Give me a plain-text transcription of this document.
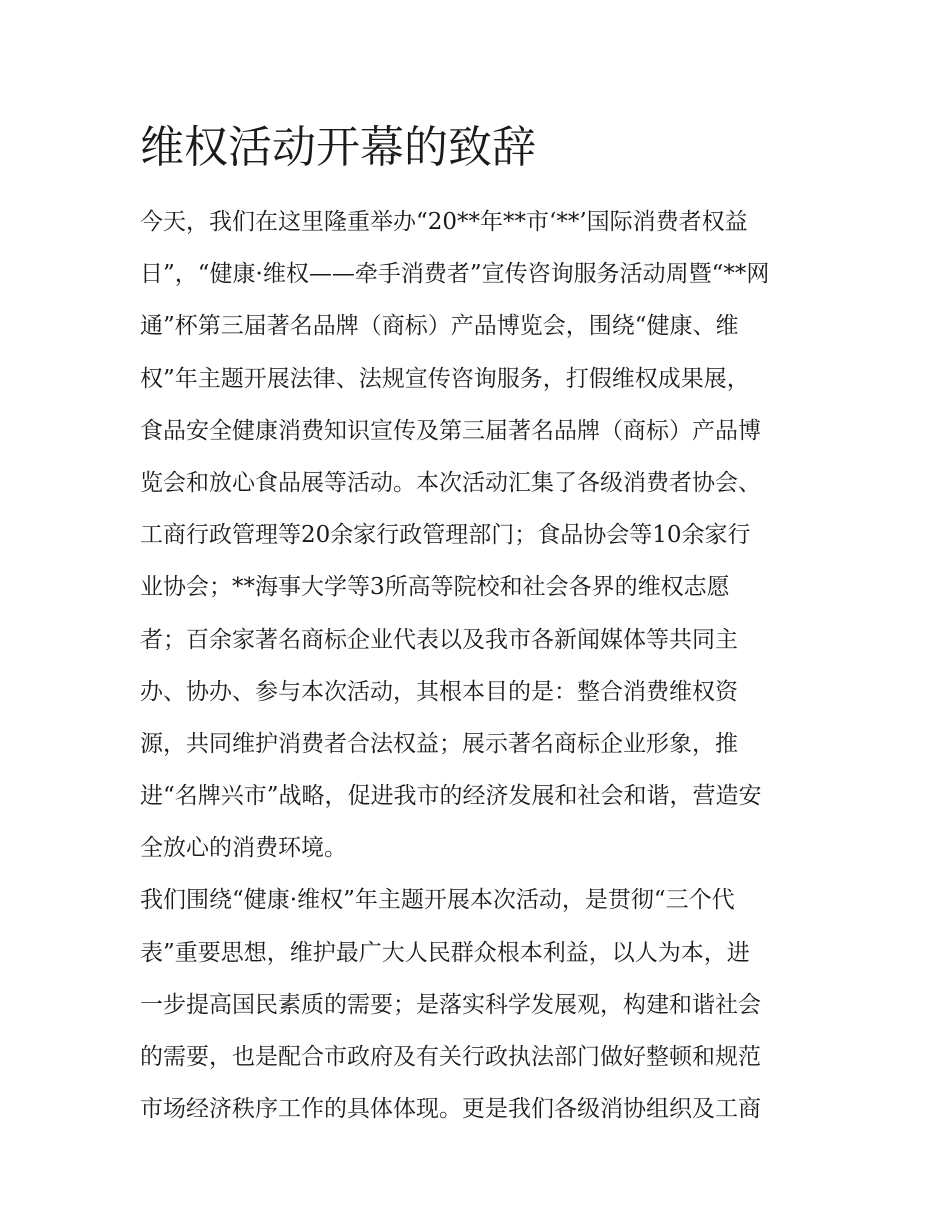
维权活动开幕的致辞
今天，我们在这里隆重举办“20**年**市‘**’国际消费者权益
日”，“健康·维权——牵手消费者”宣传咨询服务活动周暨“**网
通”杯第三届著名品牌（商标）产品博览会，围绕“健康、维
权”年主题开展法律、法规宣传咨询服务，打假维权成果展，
食品安全健康消费知识宣传及第三届著名品牌（商标）产品博
览会和放心食品展等活动。本次活动汇集了各级消费者协会、
工商行政管理等20余家行政管理部门；食品协会等10余家行
业协会；**海事大学等3所高等院校和社会各界的维权志愿
者；百余家著名商标企业代表以及我市各新闻媒体等共同主
办、协办、参与本次活动，其根本目的是：整合消费维权资
源，共同维护消费者合法权益；展示著名商标企业形象，推
进“名牌兴市”战略，促进我市的经济发展和社会和谐，营造安
全放心的消费环境。
我们围绕“健康·维权”年主题开展本次活动，是贯彻“三个代
表”重要思想，维护最广大人民群众根本利益，以人为本，进
一步提高国民素质的需要；是落实科学发展观，构建和谐社会
的需要，也是配合市政府及有关行政执法部门做好整顿和规范
市场经济秩序工作的具体体现。更是我们各级消协组织及工商
